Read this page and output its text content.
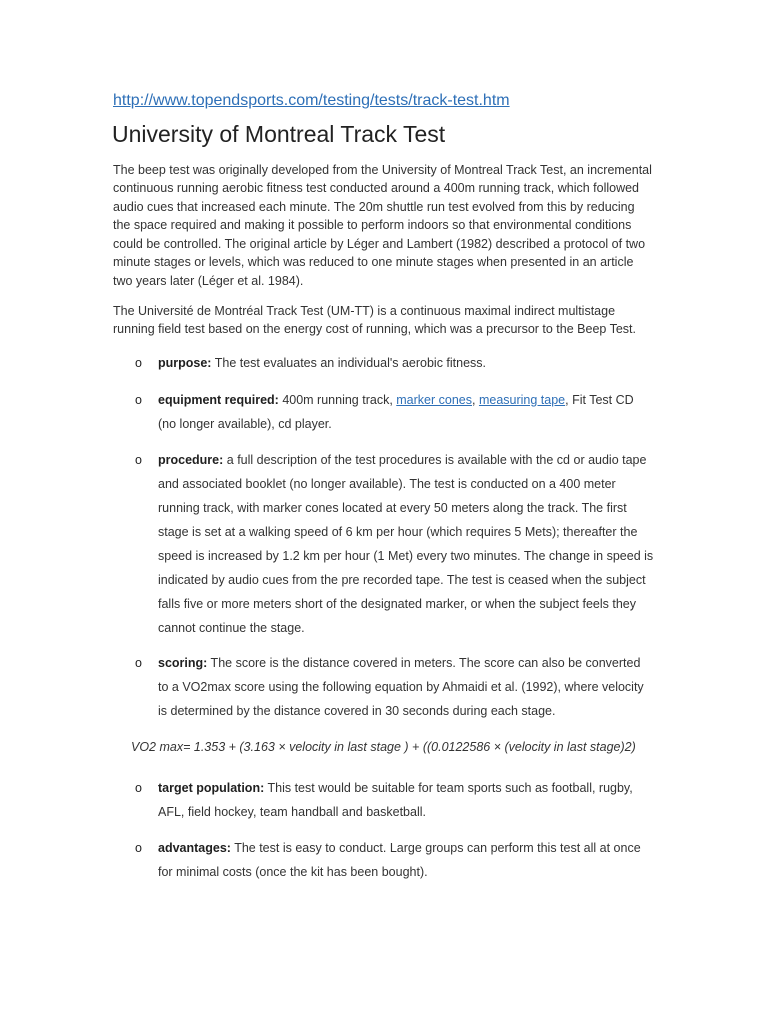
http://www.topendsports.com/testing/tests/track-test.htm
University of Montreal Track Test
The beep test was originally developed from the University of Montreal Track Test, an incremental
continuous running aerobic fitness test conducted around a 400m running track, which followed
audio cues that increased each minute. The 20m shuttle run test evolved from this by reducing
the space required and making it possible to perform indoors so that environmental conditions
could be controlled. The original article by Léger and Lambert (1982) described a protocol of two
minute stages or levels, which was reduced to one minute stages when presented in an article
two years later (Léger et al. 1984).
The Université de Montréal Track Test (UM-TT) is a continuous maximal indirect multistage
running field test based on the energy cost of running, which was a precursor to the Beep Test.
o purpose: The test evaluates an individual's aerobic fitness.
o equipment required: 400m running track, marker cones, measuring tape, Fit Test CD
(no longer available), cd player.
o procedure: a full description of the test procedures is available with the cd or audio tape
and associated booklet (no longer available). The test is conducted on a 400 meter
running track, with marker cones located at every 50 meters along the track. The first
stage is set at a walking speed of 6 km per hour (which requires 5 Mets); thereafter the
speed is increased by 1.2 km per hour (1 Met) every two minutes. The change in speed is
indicated by audio cues from the pre recorded tape. The test is ceased when the subject
falls five or more meters short of the designated marker, or when the subject feels they
cannot continue the stage.
o scoring: The score is the distance covered in meters. The score can also be converted
to a VO2max score using the following equation by Ahmaidi et al. (1992), where velocity
is determined by the distance covered in 30 seconds during each stage.
VO2 max= 1.353 + (3.163 × velocity in last stage ) + ((0.0122586 × (velocity in last stage)2)
o target population: This test would be suitable for team sports such as football, rugby,
AFL, field hockey, team handball and basketball.
o advantages: The test is easy to conduct. Large groups can perform this test all at once
for minimal costs (once the kit has been bought).
